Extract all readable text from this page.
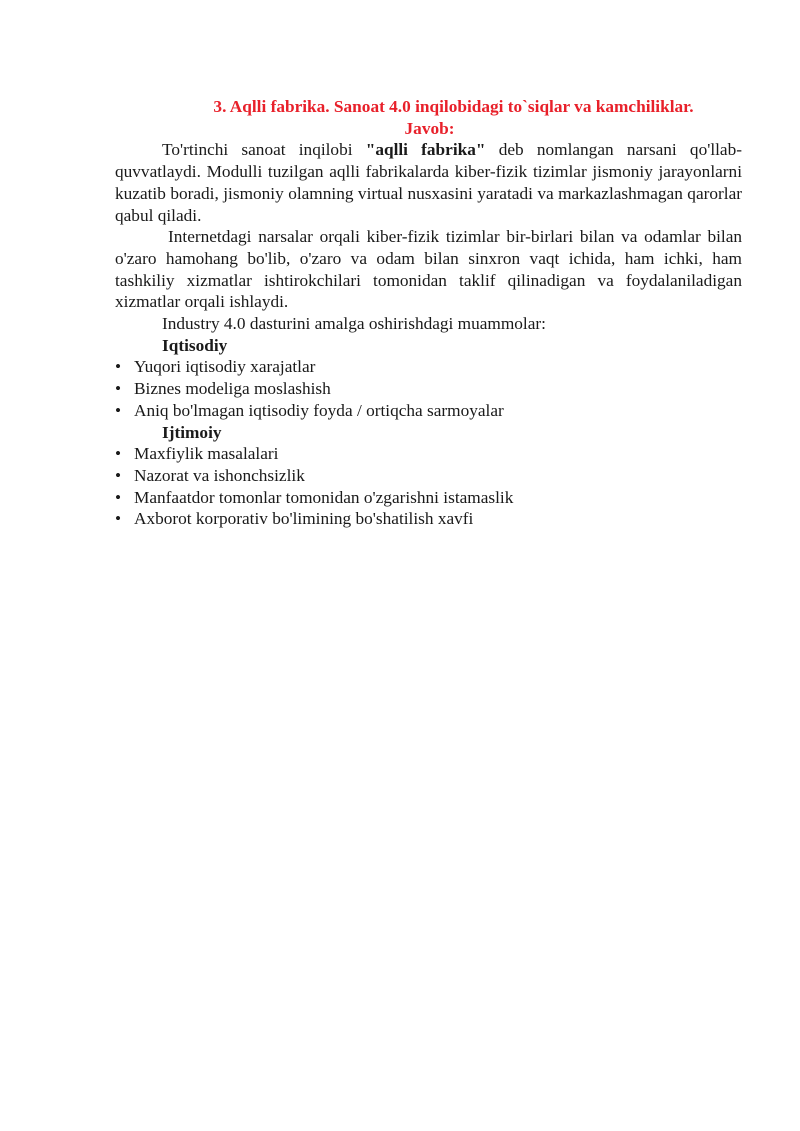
3. Aqlli fabrika. Sanoat 4.0 inqilobidagi to`siqlar va kamchiliklar.

Javob:

To'rtinchi sanoat inqilobi "aqlli fabrika" deb nomlangan narsani qo'llab-quvvatlaydi. Modulli tuzilgan aqlli fabrikalarda kiber-fizik tizimlar jismoniy jarayonlarni kuzatib boradi, jismoniy olamning virtual nusxasini yaratadi va markazlashmagan qarorlar qabul qiladi.

Internetdagi narsalar orqali kiber-fizik tizimlar bir-birlari bilan va odamlar bilan o'zaro hamohang bo'lib, o'zaro va odam bilan sinxron vaqt ichida, ham ichki, ham tashkiliy xizmatlar ishtirokchilari tomonidan taklif qilinadigan va foydalaniladigan xizmatlar orqali ishlaydi.

Industry 4.0 dasturini amalga oshirishdagi muammolar:

Iqtisodiy

• Yuqori iqtisodiy xarajatlar
• Biznes modeliga moslashish
• Aniq bo'lmagan iqtisodiy foyda / ortiqcha sarmoyalar

Ijtimoiy

• Maxfiylik masalalari
• Nazorat va ishonchsizlik
• Manfaatdor tomonlar tomonidan o'zgarishni istamaslik
• Axborot korporativ bo'limining bo'shatilish xavfi
